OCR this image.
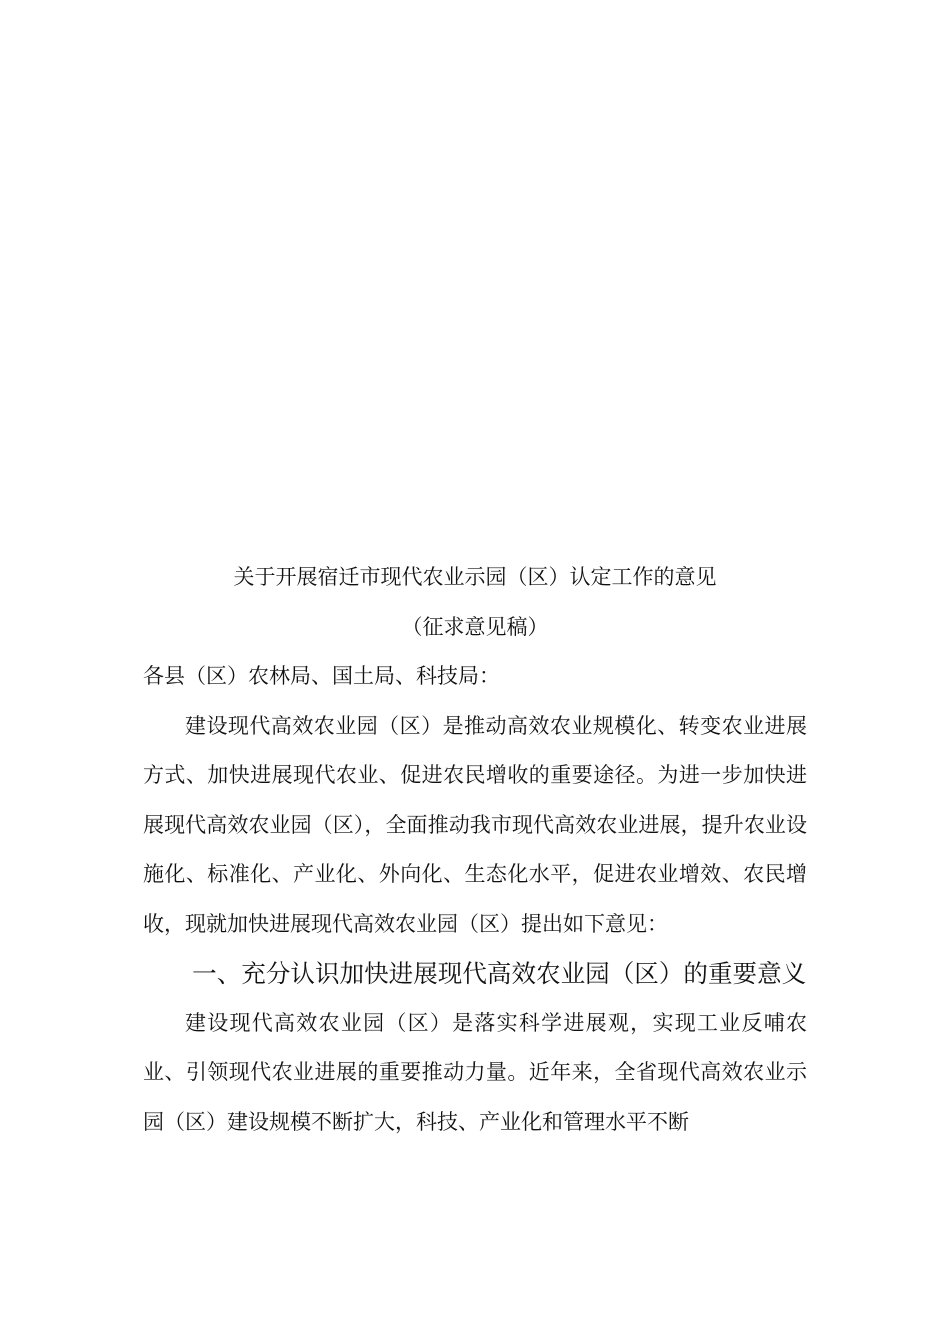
关于开展宿迁市现代农业示园（区）认定工作的意见
（征求意见稿）

各县（区）农林局、国土局、科技局：

建设现代高效农业园（区）是推动高效农业规模化、转变农业进展方式、加快进展现代农业、促进农民增收的重要途径。为进一步加快进展现代高效农业园（区），全面推动我市现代高效农业进展，提升农业设施化、标准化、产业化、外向化、生态化水平，促进农业增效、农民增收，现就加快进展现代高效农业园（区）提出如下意见：

一、充分认识加快进展现代高效农业园（区）的重要意义

建设现代高效农业园（区）是落实科学进展观，实现工业反哺农业、引领现代农业进展的重要推动力量。近年来，全省现代高效农业示园（区）建设规模不断扩大，科技、产业化和管理水平不断
